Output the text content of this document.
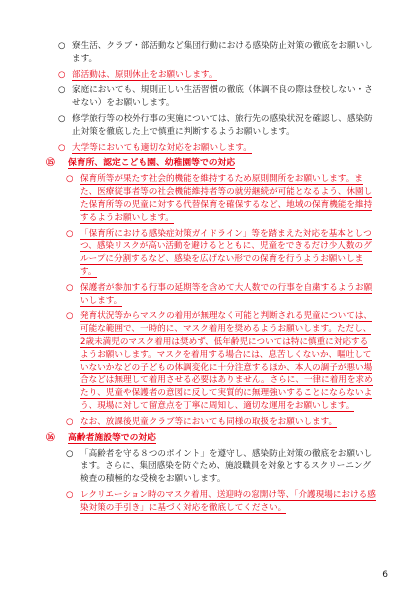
○ 寮生活、クラブ・部活動など集団行動における感染防止対策の徹底をお願いします。
○ 部活動は、原則休止をお願いします。
○ 家庭においても、規則正しい生活習慣の徹底（体調不良の際は登校しない・させない）をお願いします。
○ 修学旅行等の校外行事の実施については、旅行先の感染状況を確認し、感染防止対策を徹底した上で慎重に判断するようお願いします。
○ 大学等においても適切な対応をお願いします。
⑮ 保育所、認定こども園、幼稚園等での対応
○ 保育所等が果たす社会的機能を維持するため原則開所をお願いします。また、医療従事者等の社会機能維持者等の就労継続が可能となるよう、休園した保育所等の児童に対する代替保育を確保するなど、地域の保育機能を維持するようお願いします。
○ 「保育所における感染症対策ガイドライン」等を踏まえた対応を基本としつつ、感染リスクが高い活動を避けるとともに、児童をできるだけ少人数のグループに分割するなど、感染を広げない形での保育を行うようお願いします。
○ 保護者が参加する行事の延期等を含めて大人数での行事を自粛するようお願いします。
○ 発育状況等からマスクの着用が無理なく可能と判断される児童については、可能な範囲で、一時的に、マスク着用を奨めるようお願いします。ただし、2歳未満児のマスク着用は奨めず、低年齢児については特に慎重に対応するようお願いします。マスクを着用する場合には、息苦しくないか、嘔吐していないかなどの子どもの体調変化に十分注意するほか、本人の調子が悪い場合などは無理して着用させる必要はありません。さらに、一律に着用を求めたり、児童や保護者の意図に反して実質的に無理強いすることにならないよう、現場に対して留意点を丁寧に周知し、適切な運用をお願いします。
○ なお、放課後児童クラブ等においても同様の取扱をお願いします。
⑯ 高齢者施設等での対応
○ 「高齢者を守る８つのポイント」を遵守し、感染防止対策の徹底をお願いします。さらに、集団感染を防ぐため、施設職員を対象とするスクリーニング検査の積極的な受検をお願いします。
○ レクリエーション時のマスク着用、送迎時の窓開け等、「介護現場における感染対策の手引き」に基づく対応を徹底してください。
6
